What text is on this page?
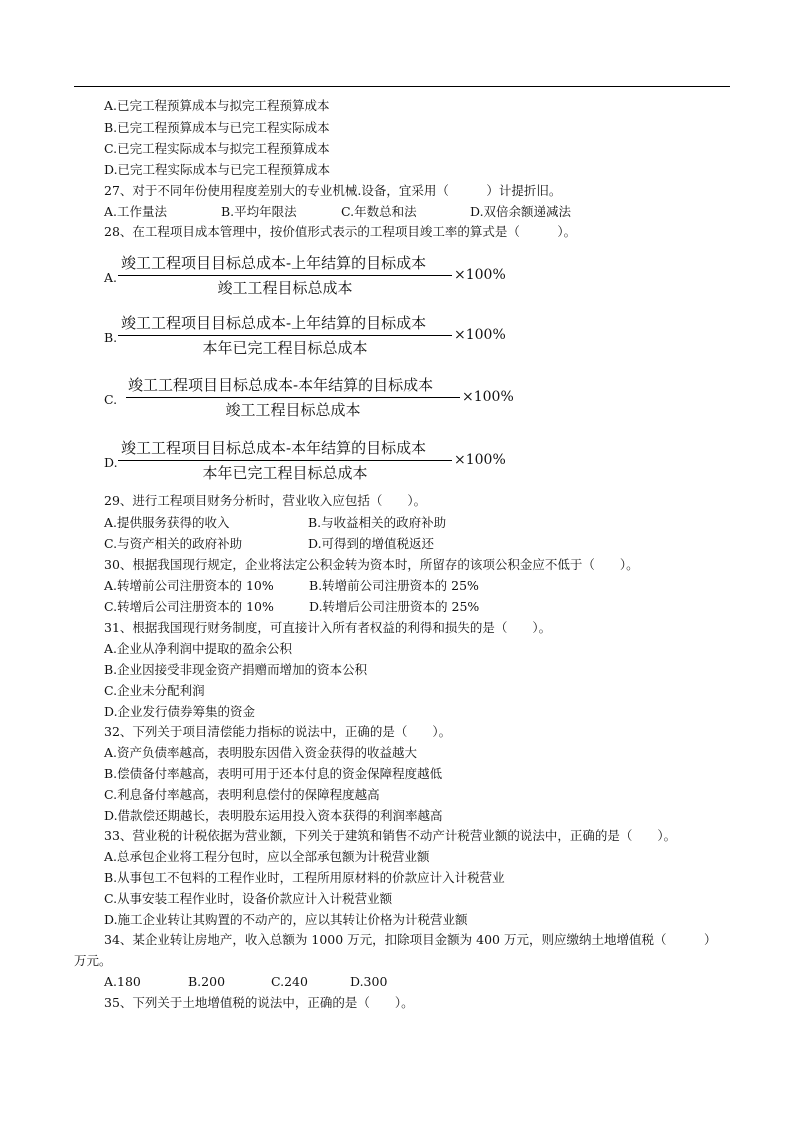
A.已完工程预算成本与拟完工程预算成本
B.已完工程预算成本与已完工程实际成本
C.已完工程实际成本与拟完工程预算成本
D.已完工程实际成本与已完工程预算成本
27、对于不同年份使用程度差别大的专业机械.设备，宜采用（　　　）计提折旧。
A.工作量法	B.平均年限法	C.年数总和法	D.双倍余额递减法
28、在工程项目成本管理中，按价值形式表示的工程项目竣工率的算式是（　　　）。
A.
竣工工程项目目标总成本-上年结算的目标成本
竣工工程目标总成本
×100%
B.
竣工工程项目目标总成本-上年结算的目标成本
本年已完工程目标总成本
×100%
C.
竣工工程项目目标总成本-本年结算的目标成本
竣工工程目标总成本
×100%
D.
竣工工程项目目标总成本-本年结算的目标成本
本年已完工程目标总成本
×100%
29、进行工程项目财务分析时，营业收入应包括（　　）。
A.提供服务获得的收入	B.与收益相关的政府补助
C.与资产相关的政府补助	D.可得到的增值税返还
30、根据我国现行规定，企业将法定公积金转为资本时，所留存的该项公积金应不低于（　　）。
A.转增前公司注册资本的 10%	B.转增前公司注册资本的 25%
C.转增后公司注册资本的 10%	D.转增后公司注册资本的 25%
31、根据我国现行财务制度，可直接计入所有者权益的利得和损失的是（　　）。
A.企业从净利润中提取的盈余公积
B.企业因接受非现金资产捐赠而增加的资本公积
C.企业未分配利润
D.企业发行债券筹集的资金
32、下列关于项目清偿能力指标的说法中，正确的是（　　）。
A.资产负债率越高，表明股东因借入资金获得的收益越大
B.偿债备付率越高，表明可用于还本付息的资金保障程度越低
C.利息备付率越高，表明利息偿付的保障程度越高
D.借款偿还期越长，表明股东运用投入资本获得的利润率越高
33、营业税的计税依据为营业额，下列关于建筑和销售不动产计税营业额的说法中，正确的是（　　）。
A.总承包企业将工程分包时，应以全部承包额为计税营业额
B.从事包工不包料的工程作业时，工程所用原材料的价款应计入计税营业
C.从事安装工程作业时，设备价款应计入计税营业额
D.施工企业转让其购置的不动产的，应以其转让价格为计税营业额
34、某企业转让房地产，收入总额为 1000 万元，扣除项目金额为 400 万元，则应缴纳土地增值税（　　　）
万元。
A.180	B.200	C.240	D.300
35、下列关于土地增值税的说法中，正确的是（　　）。
